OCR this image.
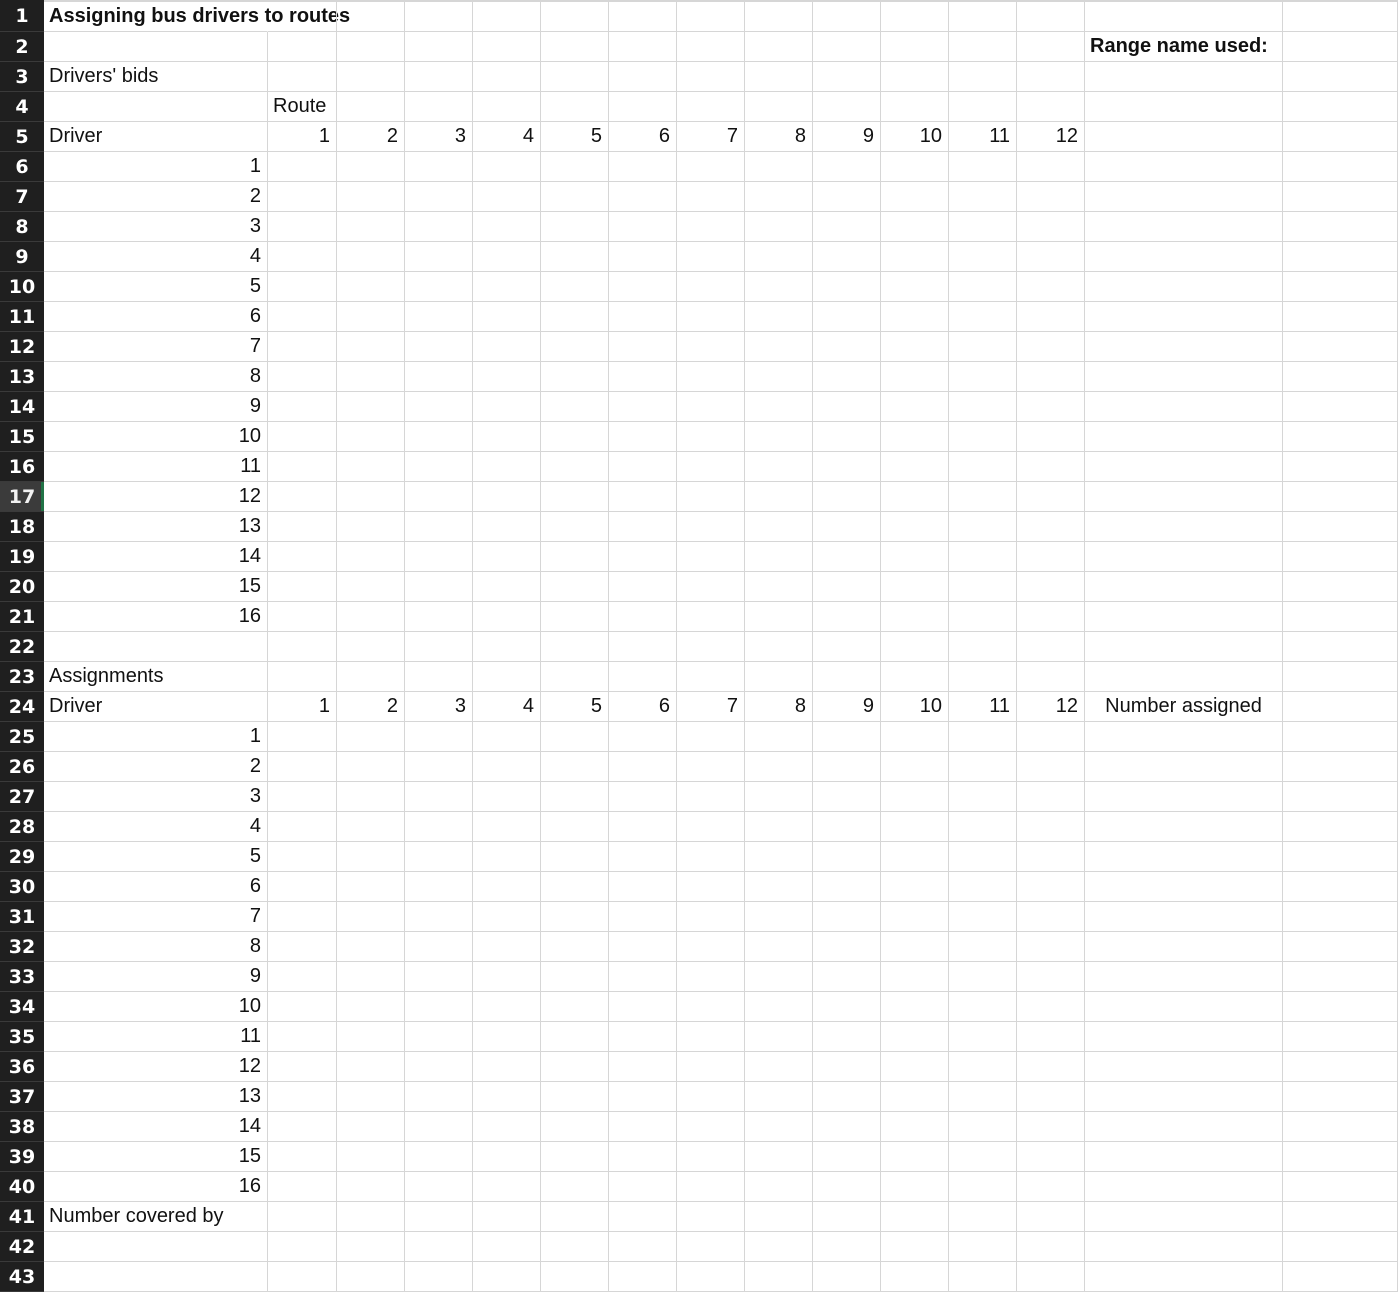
1
2
3
4
5
6
7
8
9
10
11
12
13
14
15
16
17
18
19
20
21
22
23
24
25
26
27
28
29
30
31
32
33
34
35
36
37
38
39
40
41
42
43
Assigning bus drivers to routes
Range name used:
Drivers' bids
Route
Driver	1	2	3	4	5	6	7	8	9	10	11	12
1
2
3
4
5
6
7
8
9
10
11
12
13
14
15
16
Assignments
Driver	1	2	3	4	5	6	7	8	9	10	11	12	Number assigned
1
2
3
4
5
6
7
8
9
10
11
12
13
14
15
16
Number covered by
